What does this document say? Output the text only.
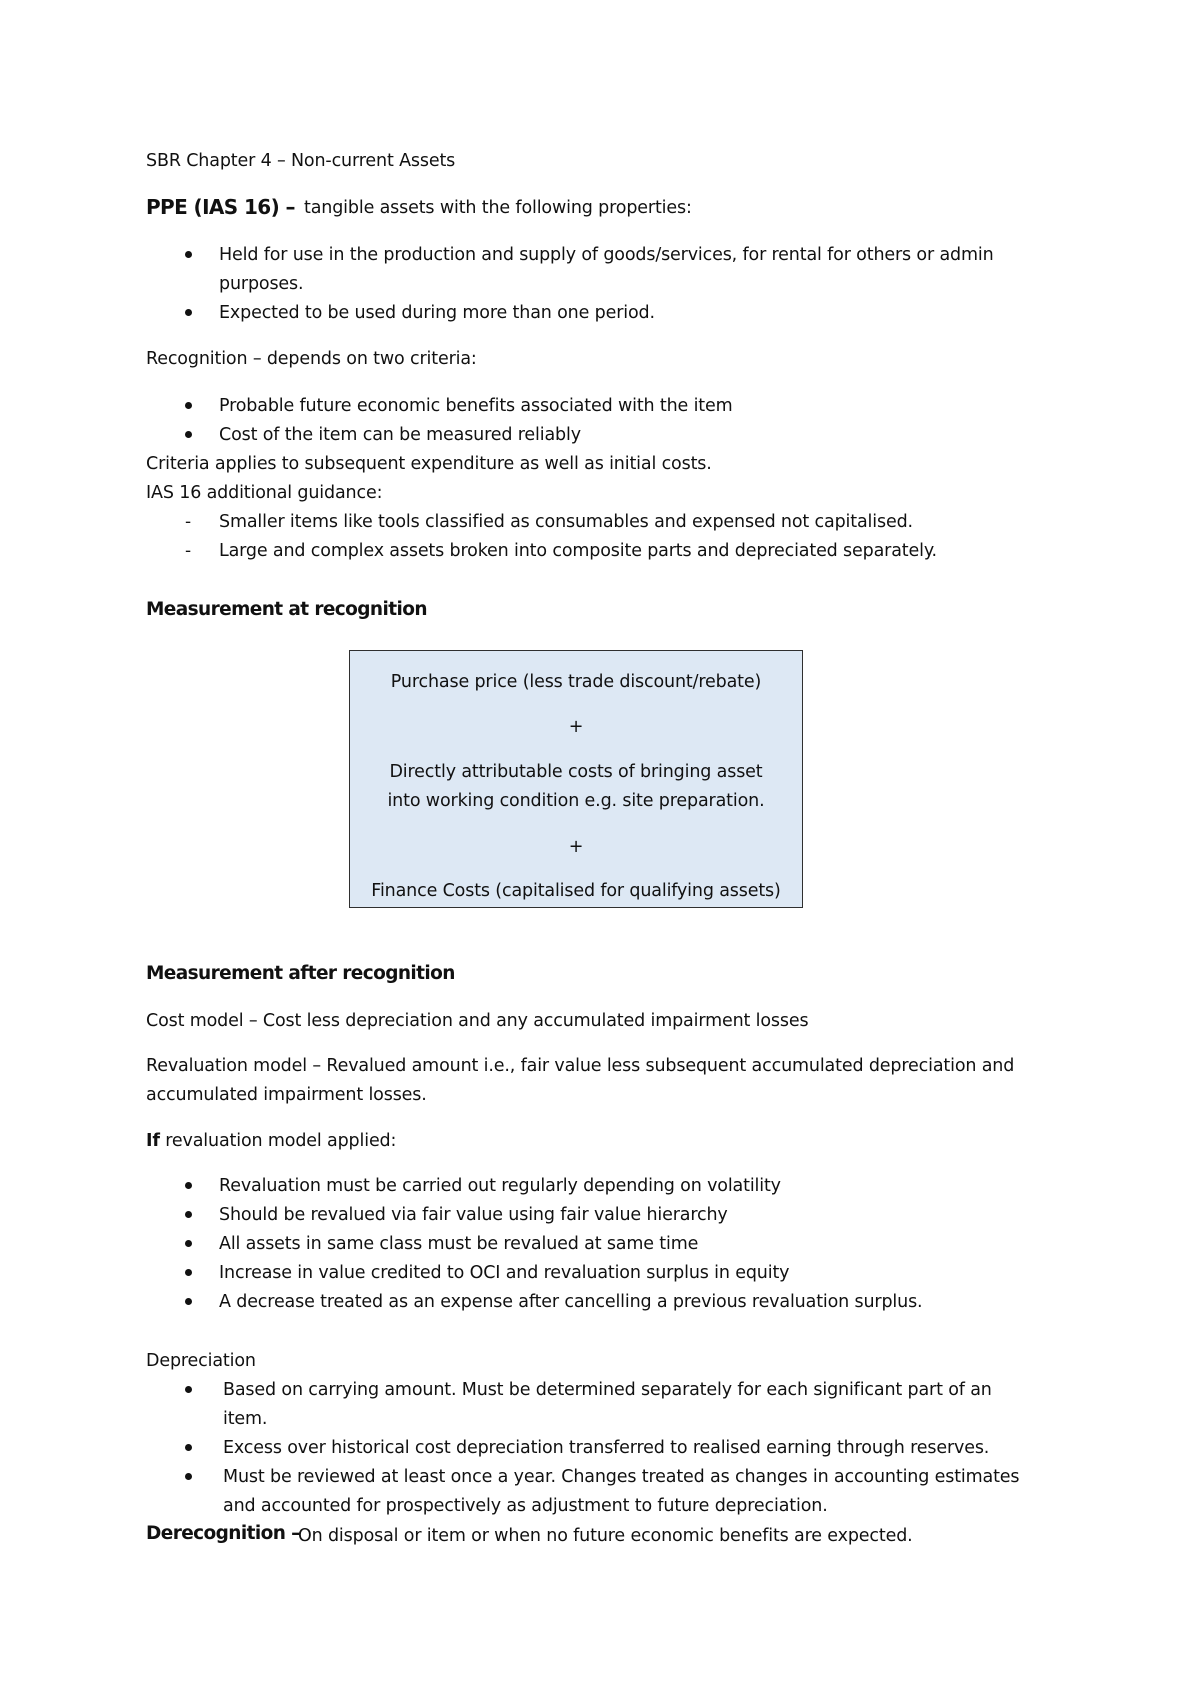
SBR Chapter 4 – Non-current Assets
PPE (IAS 16) – tangible assets with the following properties:
Held for use in the production and supply of goods/services, for rental for others or admin
purposes.
Expected to be used during more than one period.
Recognition – depends on two criteria:
Probable future economic benefits associated with the item
Cost of the item can be measured reliably
Criteria applies to subsequent expenditure as well as initial costs.
IAS 16 additional guidance:
- Smaller items like tools classified as consumables and expensed not capitalised.
- Large and complex assets broken into composite parts and depreciated separately.
Measurement at recognition
Purchase price (less trade discount/rebate)
+
Directly attributable costs of bringing asset
into working condition e.g. site preparation.
+
Finance Costs (capitalised for qualifying assets)
Measurement after recognition
Cost model – Cost less depreciation and any accumulated impairment losses
Revaluation model – Revalued amount i.e., fair value less subsequent accumulated depreciation and
accumulated impairment losses.
If revaluation model applied:
Revaluation must be carried out regularly depending on volatility
Should be revalued via fair value using fair value hierarchy
All assets in same class must be revalued at same time
Increase in value credited to OCI and revaluation surplus in equity
A decrease treated as an expense after cancelling a previous revaluation surplus.
Depreciation
Based on carrying amount. Must be determined separately for each significant part of an
item.
Excess over historical cost depreciation transferred to realised earning through reserves.
Must be reviewed at least once a year. Changes treated as changes in accounting estimates
and accounted for prospectively as adjustment to future depreciation.
Derecognition –
On disposal or item or when no future economic benefits are expected.
